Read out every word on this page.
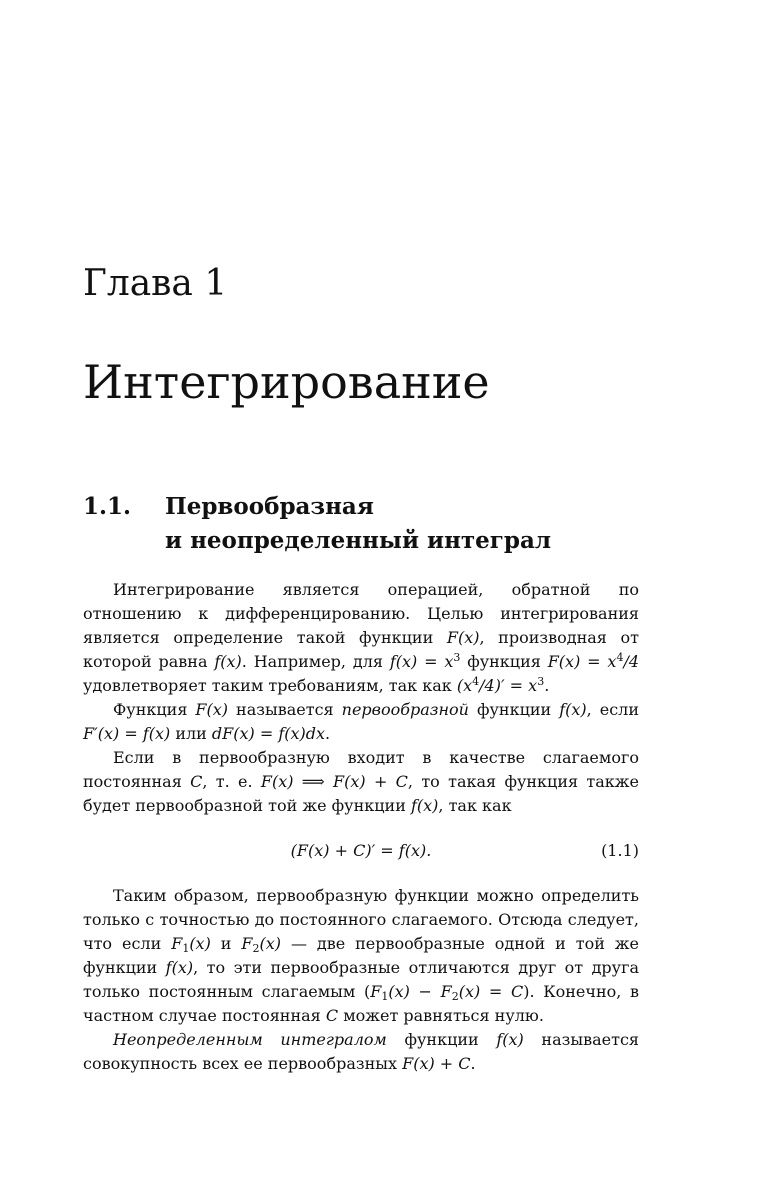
Глава 1
Интегрирование
1.1. Первообразная
и неопределенный интеграл

Интегрирование является операцией, обратной по отношению к дифференцированию. Целью интегрирования является определение такой функции F(x), производная от которой равна f(x). Например, для $f(x) = x^3$ функция $F(x) = x^4/4$ удовлетворяет таким требованиям, так как $(x^4/4)' = x^3$.

Функция F(x) называется первообразной функции f(x), если F′(x) = f(x) или dF(x) = f(x)dx.

Если в первообразную входит в качестве слагаемого постоянная C, т. е. F(x) ⟹ F(x) + C, то такая функция также будет первообразной той же функции f(x), так как

(F(x) + C)′ = f(x).	(1.1)

Таким образом, первообразную функции можно определить только с точностью до постоянного слагаемого. Отсюда следует, что если $F_1(x)$ и $F_2(x)$ — две первообразные одной и той же функции f(x), то эти первообразные отличаются друг от друга только постоянным слагаемым $(F_1(x) - F_2(x) = C)$. Конечно, в частном случае постоянная C может равняться нулю.

Неопределенным интегралом функции f(x) называется совокупность всех ее первообразных F(x) + C.
